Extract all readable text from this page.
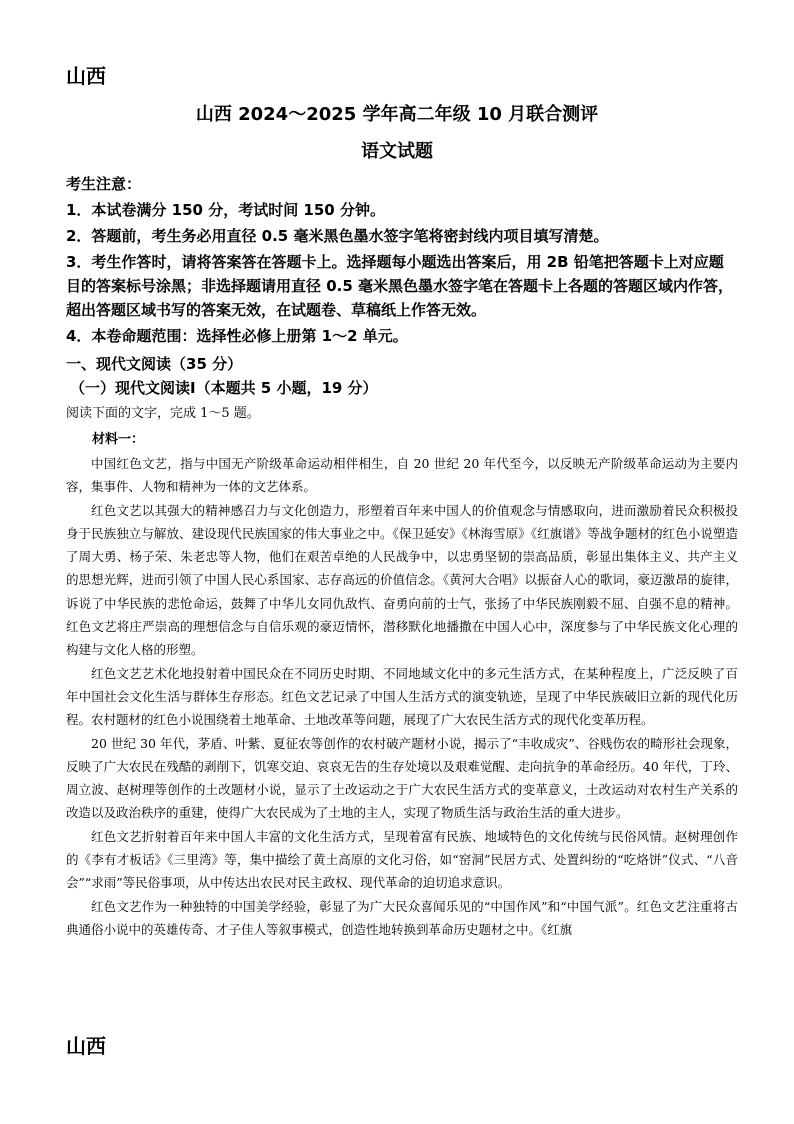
山西
山西 2024～2025 学年高二年级 10 月联合测评
语文试题

考生注意：

1．本试卷满分 150 分，考试时间 150 分钟。

2．答题前，考生务必用直径 0.5 毫米黑色墨水签字笔将密封线内项目填写清楚。

3．考生作答时，请将答案答在答题卡上。选择题每小题选出答案后，用 2B 铅笔把答题卡上对应题目的答案标号涂黑；非选择题请用直径 0.5 毫米黑色墨水签字笔在答题卡上各题的答题区域内作答，超出答题区域书写的答案无效，在试题卷、草稿纸上作答无效。

4．本卷命题范围：选择性必修上册第 1～2 单元。

一、现代文阅读（35 分）
（一）现代文阅读Ⅰ（本题共 5 小题，19 分）
阅读下面的文字，完成 1～5 题。
材料一：

中国红色文艺，指与中国无产阶级革命运动相伴相生，自 20 世纪 20 年代至今，以反映无产阶级革命运动为主要内容，集事件、人物和精神为一体的文艺体系。

红色文艺以其强大的精神感召力与文化创造力，形塑着百年来中国人的价值观念与情感取向，进而激励着民众积极投身于民族独立与解放、建设现代民族国家的伟大事业之中。《保卫延安》《林海雪原》《红旗谱》等战争题材的红色小说塑造了周大勇、杨子荣、朱老忠等人物，他们在艰苦卓绝的人民战争中，以忠勇坚韧的崇高品质，彰显出集体主义、共产主义的思想光辉，进而引领了中国人民心系国家、志存高远的价值信念。《黄河大合唱》以振奋人心的歌词，豪迈激昂的旋律，诉说了中华民族的悲怆命运，鼓舞了中华儿女同仇敌忾、奋勇向前的士气，张扬了中华民族刚毅不屈、自强不息的精神。红色文艺将庄严崇高的理想信念与自信乐观的豪迈情怀，潜移默化地播撒在中国人心中，深度参与了中华民族文化心理的构建与文化人格的形塑。

红色文艺艺术化地投射着中国民众在不同历史时期、不同地域文化中的多元生活方式，在某种程度上，广泛反映了百年中国社会文化生活与群体生存形态。红色文艺记录了中国人生活方式的演变轨迹，呈现了中华民族破旧立新的现代化历程。农村题材的红色小说围绕着土地革命、土地改革等问题，展现了广大农民生活方式的现代化变革历程。

20 世纪 30 年代，茅盾、叶紫、夏征农等创作的农村破产题材小说，揭示了“丰收成灾”、谷贱伤农的畸形社会现象，反映了广大农民在残酷的剥削下，饥寒交迫、哀哀无告的生存处境以及艰难觉醒、走向抗争的革命经历。40 年代，丁玲、周立波、赵树理等创作的土改题材小说，显示了土改运动之于广大农民生活方式的变革意义，土改运动对农村生产关系的改造以及政治秩序的重建，使得广大农民成为了土地的主人，实现了物质生活与政治生活的重大进步。

红色文艺折射着百年来中国人丰富的文化生活方式，呈现着富有民族、地域特色的文化传统与民俗风情。赵树理创作的《李有才板话》《三里湾》等，集中描绘了黄土高原的文化习俗，如“窑洞”民居方式、处置纠纷的“吃烙饼”仪式、“八音会”“求雨”等民俗事项，从中传达出农民对民主政权、现代革命的迫切追求意识。

红色文艺作为一种独特的中国美学经验，彰显了为广大民众喜闻乐见的“中国作风”和“中国气派”。红色文艺注重将古典通俗小说中的英雄传奇、才子佳人等叙事模式，创造性地转换到革命历史题材之中。《红旗

山西
